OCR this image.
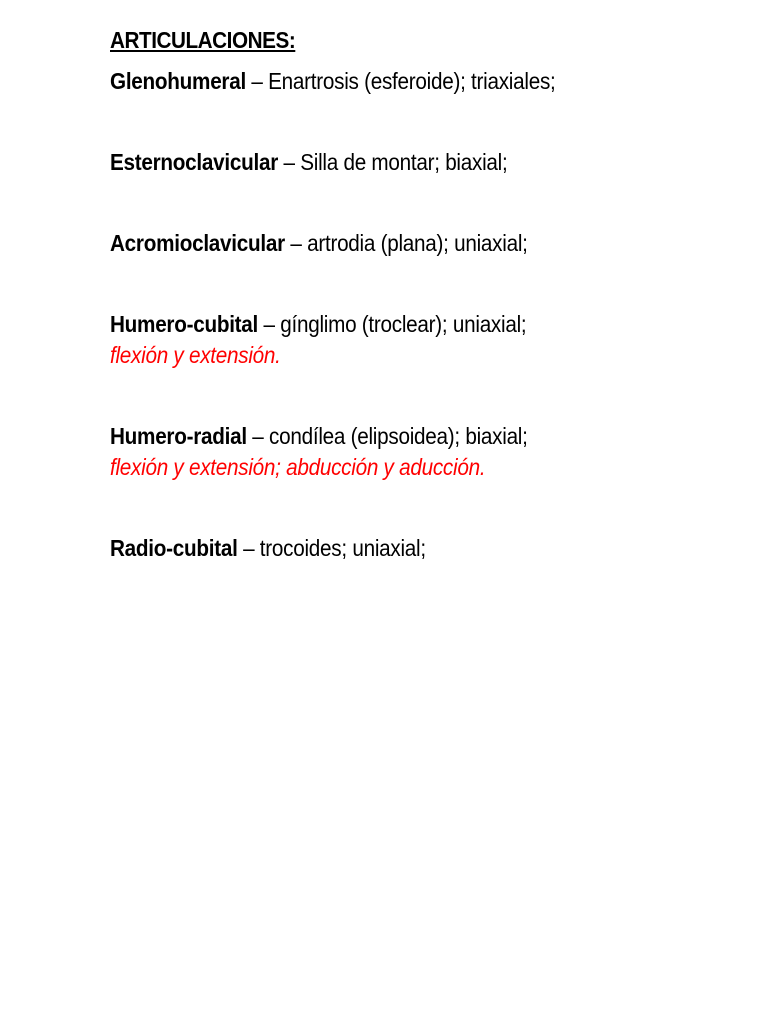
ARTICULACIONES:
Glenohumeral – Enartrosis (esferoide); triaxiales;
Esternoclavicular – Silla de montar; biaxial;
Acromioclavicular – artrodia (plana); uniaxial;
Humero-cubital – gínglimo (troclear); uniaxial;
flexión y extensión.
Humero-radial – condílea (elipsoidea); biaxial;
flexión y extensión; abducción y aducción.
Radio-cubital – trocoides; uniaxial;
